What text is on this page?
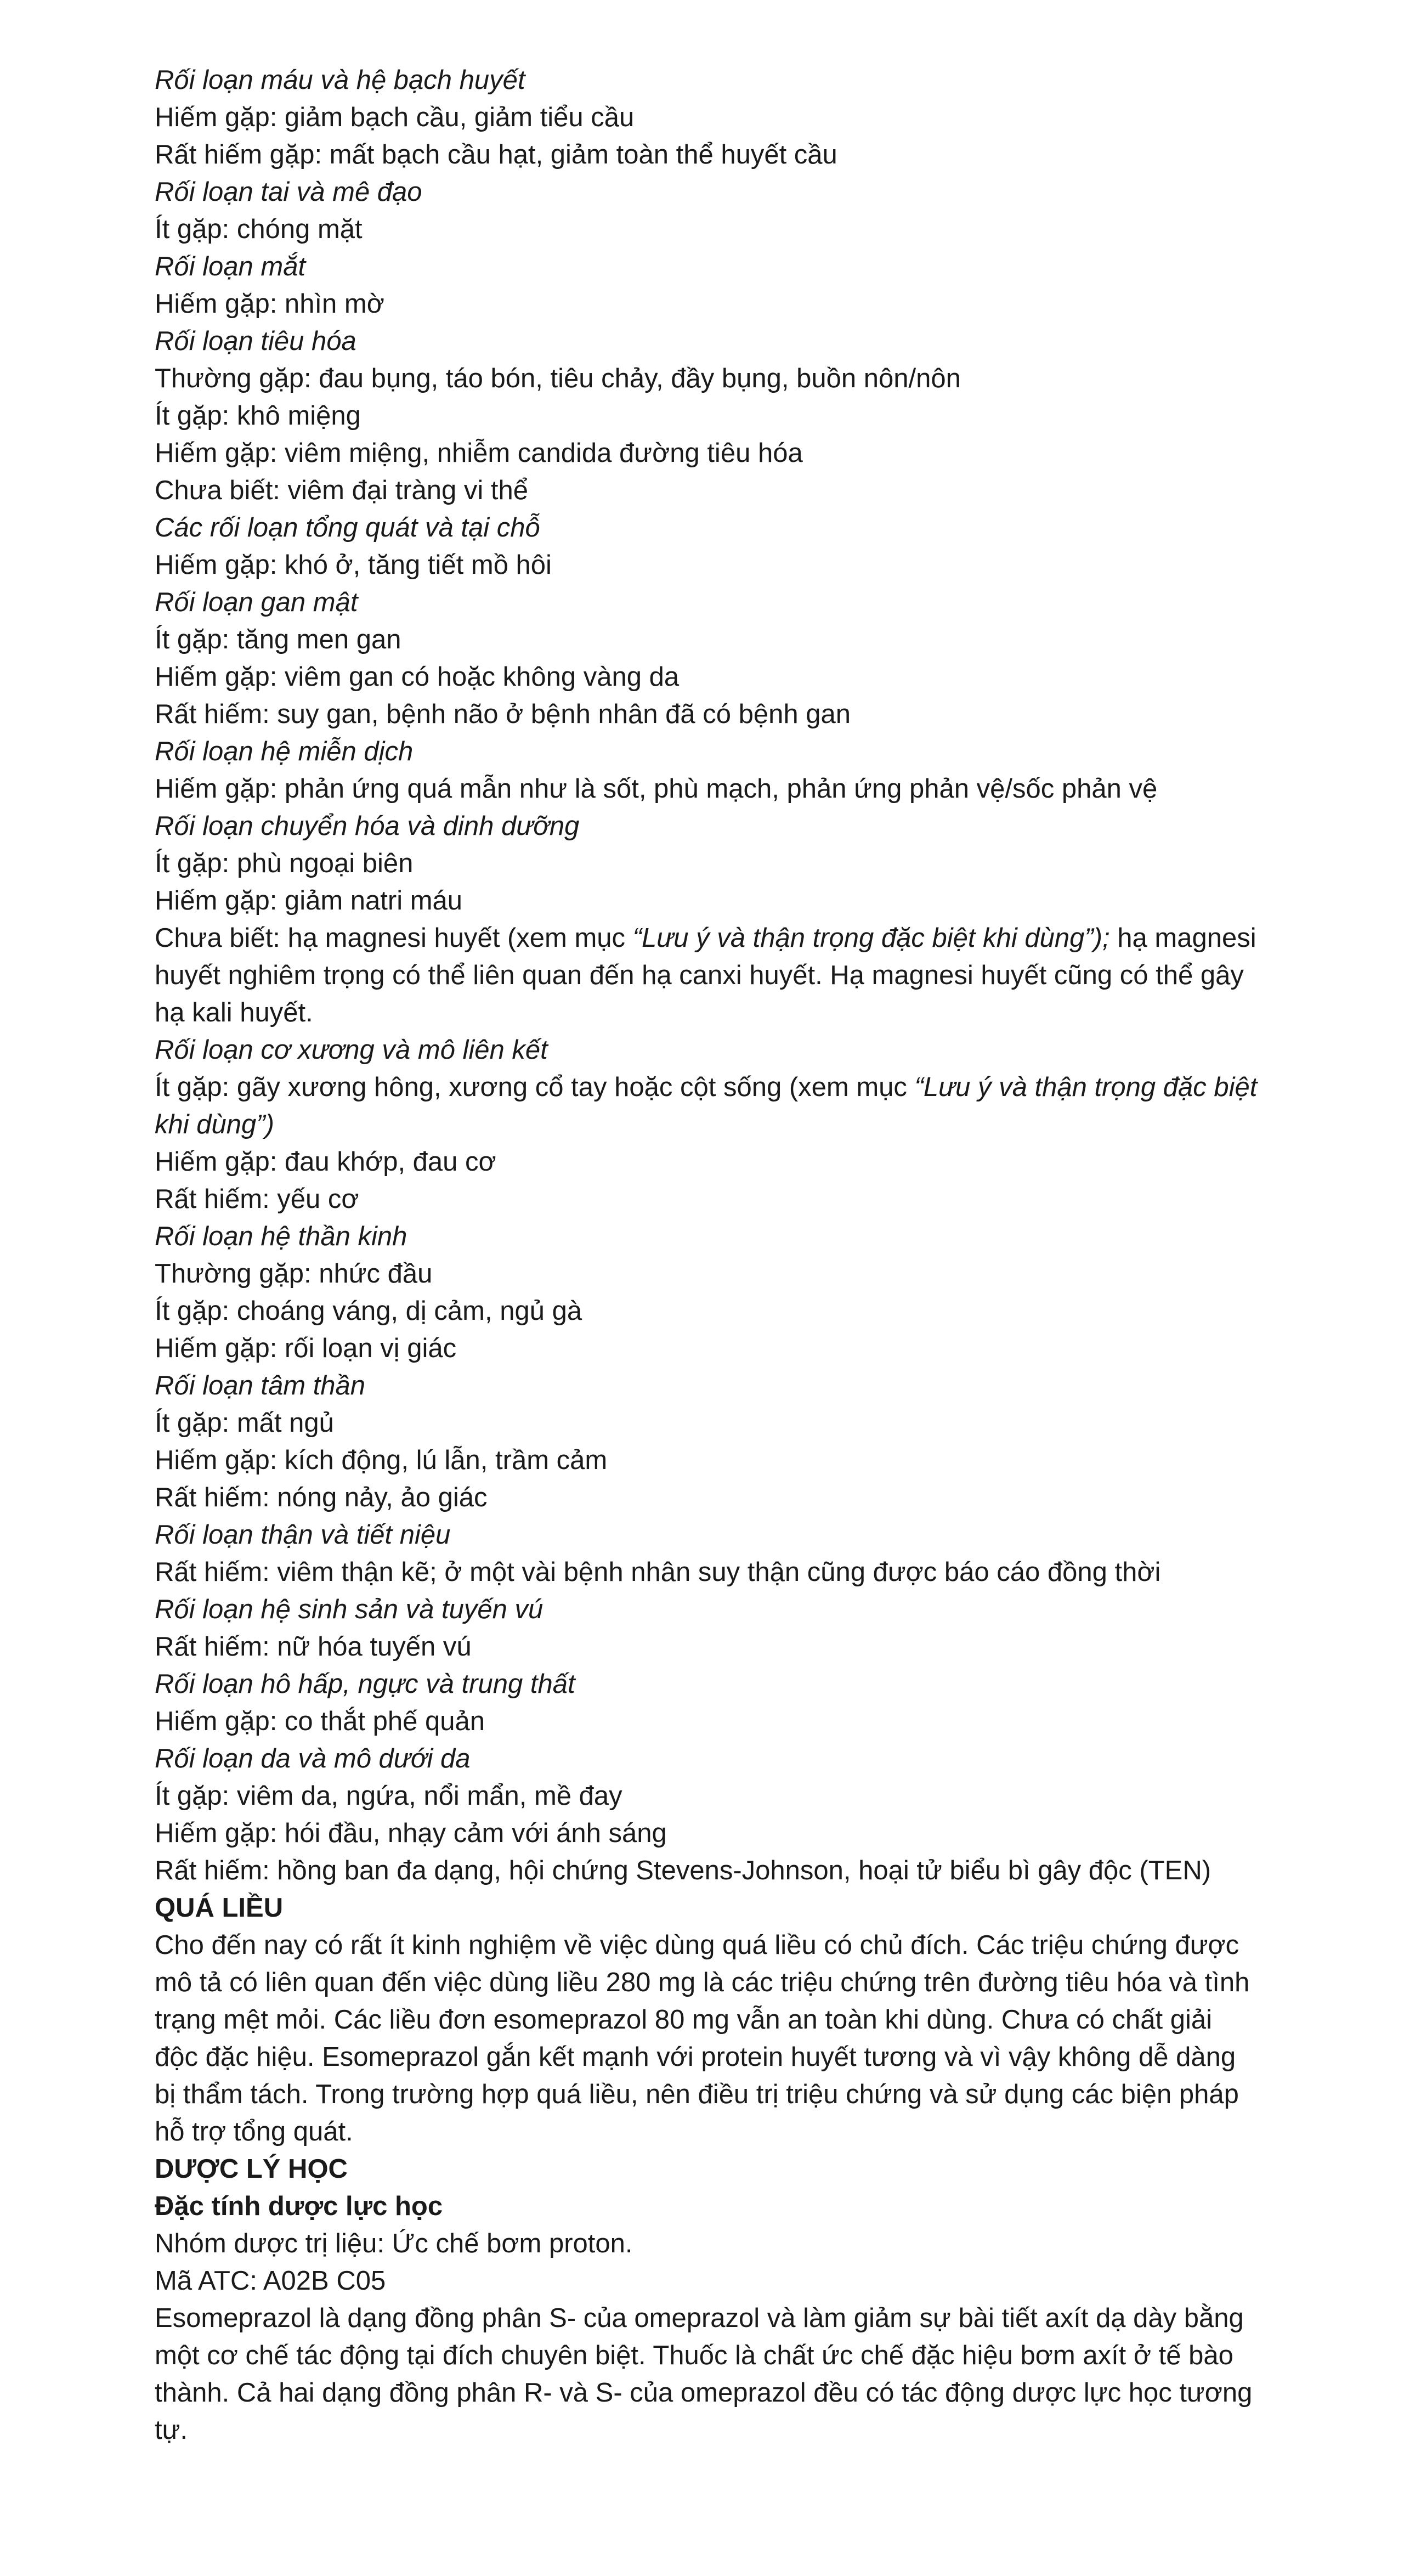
Rối loạn máu và hệ bạch huyết
Hiếm gặp: giảm bạch cầu, giảm tiểu cầu
Rất hiếm gặp: mất bạch cầu hạt, giảm toàn thể huyết cầu
Rối loạn tai và mê đạo
Ít gặp: chóng mặt
Rối loạn mắt
Hiếm gặp: nhìn mờ
Rối loạn tiêu hóa
Thường gặp: đau bụng, táo bón, tiêu chảy, đầy bụng, buồn nôn/nôn
Ít gặp: khô miệng
Hiếm gặp: viêm miệng, nhiễm candida đường tiêu hóa
Chưa biết: viêm đại tràng vi thể
Các rối loạn tổng quát và tại chỗ
Hiếm gặp: khó ở, tăng tiết mồ hôi
Rối loạn gan mật
Ít gặp: tăng men gan
Hiếm gặp: viêm gan có hoặc không vàng da
Rất hiếm: suy gan, bệnh não ở bệnh nhân đã có bệnh gan
Rối loạn hệ miễn dịch
Hiếm gặp: phản ứng quá mẫn như là sốt, phù mạch, phản ứng phản vệ/sốc phản vệ
Rối loạn chuyển hóa và dinh dưỡng
Ít gặp: phù ngoại biên
Hiếm gặp: giảm natri máu
Chưa biết: hạ magnesi huyết (xem mục “Lưu ý và thận trọng đặc biệt khi dùng”); hạ magnesi huyết nghiêm trọng có thể liên quan đến hạ canxi huyết. Hạ magnesi huyết cũng có thể gây hạ kali huyết.
Rối loạn cơ xương và mô liên kết
Ít gặp: gãy xương hông, xương cổ tay hoặc cột sống (xem mục “Lưu ý và thận trọng đặc biệt khi dùng”)
Hiếm gặp: đau khớp, đau cơ
Rất hiếm: yếu cơ
Rối loạn hệ thần kinh
Thường gặp: nhức đầu
Ít gặp: choáng váng, dị cảm, ngủ gà
Hiếm gặp: rối loạn vị giác
Rối loạn tâm thần
Ít gặp: mất ngủ
Hiếm gặp: kích động, lú lẫn, trầm cảm
Rất hiếm: nóng nảy, ảo giác
Rối loạn thận và tiết niệu
Rất hiếm: viêm thận kẽ; ở một vài bệnh nhân suy thận cũng được báo cáo đồng thời
Rối loạn hệ sinh sản và tuyến vú
Rất hiếm: nữ hóa tuyến vú
Rối loạn hô hấp, ngực và trung thất
Hiếm gặp: co thắt phế quản
Rối loạn da và mô dưới da
Ít gặp: viêm da, ngứa, nổi mẩn, mề đay
Hiếm gặp: hói đầu, nhạy cảm với ánh sáng
Rất hiếm: hồng ban đa dạng, hội chứng Stevens-Johnson, hoại tử biểu bì gây độc (TEN)
QUÁ LIỀU
Cho đến nay có rất ít kinh nghiệm về việc dùng quá liều có chủ đích. Các triệu chứng được mô tả có liên quan đến việc dùng liều 280 mg là các triệu chứng trên đường tiêu hóa và tình trạng mệt mỏi. Các liều đơn esomeprazol 80 mg vẫn an toàn khi dùng. Chưa có chất giải độc đặc hiệu. Esomeprazol gắn kết mạnh với protein huyết tương và vì vậy không dễ dàng bị thẩm tách. Trong trường hợp quá liều, nên điều trị triệu chứng và sử dụng các biện pháp hỗ trợ tổng quát.
DƯỢC LÝ HỌC
Đặc tính dược lực học
Nhóm dược trị liệu: Ức chế bơm proton.
Mã ATC: A02B C05
Esomeprazol là dạng đồng phân S- của omeprazol và làm giảm sự bài tiết axít dạ dày bằng một cơ chế tác động tại đích chuyên biệt. Thuốc là chất ức chế đặc hiệu bơm axít ở tế bào thành. Cả hai dạng đồng phân R- và S- của omeprazol đều có tác động dược lực học tương tự.
